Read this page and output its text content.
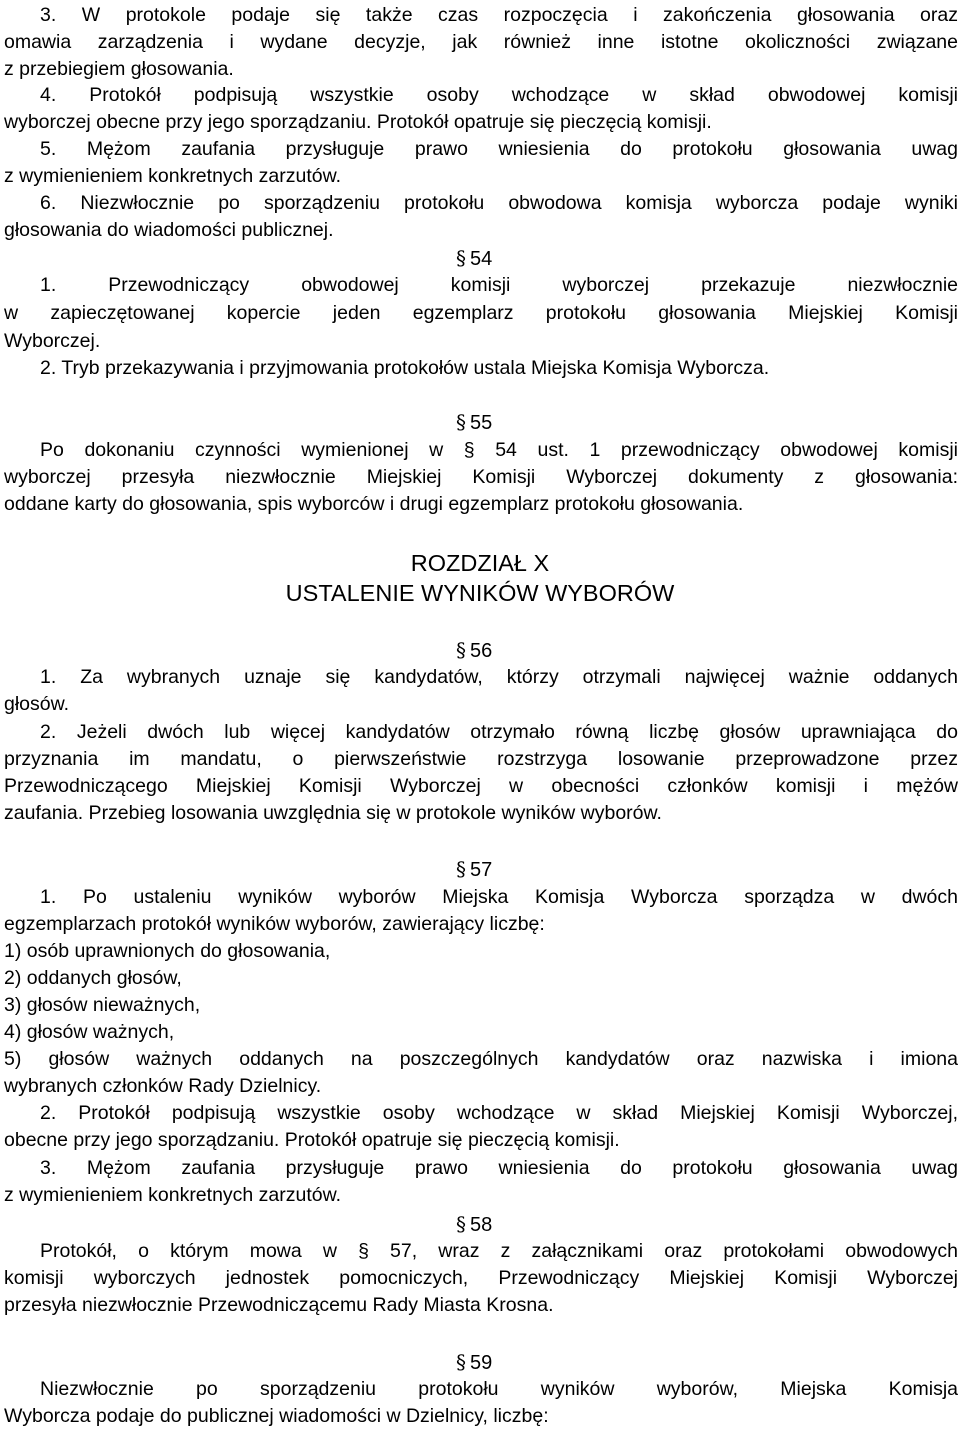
3. W protokole podaje się także czas rozpoczęcia i zakończenia głosowania oraz
omawia zarządzenia i wydane decyzje, jak również inne istotne okoliczności związane
z przebiegiem głosowania.
4. Protokół podpisują wszystkie osoby wchodzące w skład obwodowej komisji
wyborczej obecne przy jego sporządzaniu. Protokół opatruje się pieczęcią komisji.
5. Mężom zaufania przysługuje prawo wniesienia do protokołu głosowania uwag
z wymienieniem konkretnych zarzutów.
6. Niezwłocznie po sporządzeniu protokołu obwodowa komisja wyborcza podaje wyniki
głosowania do wiadomości publicznej.
§ 54
1. Przewodniczący obwodowej komisji wyborczej przekazuje niezwłocznie
w zapieczętowanej kopercie jeden egzemplarz protokołu głosowania Miejskiej Komisji
Wyborczej.
2. Tryb przekazywania i przyjmowania protokołów ustala Miejska Komisja Wyborcza.
§ 55
Po dokonaniu czynności wymienionej w § 54 ust. 1 przewodniczący obwodowej komisji
wyborczej przesyła niezwłocznie Miejskiej Komisji Wyborczej dokumenty z głosowania:
oddane karty do głosowania, spis wyborców i drugi egzemplarz protokołu głosowania.
ROZDZIAŁ X
USTALENIE WYNIKÓW WYBORÓW
§ 56
1. Za wybranych uznaje się kandydatów, którzy otrzymali najwięcej ważnie oddanych
głosów.
2. Jeżeli dwóch lub więcej kandydatów otrzymało równą liczbę głosów uprawniająca do
przyznania im mandatu, o pierwszeństwie rozstrzyga losowanie przeprowadzone przez
Przewodniczącego Miejskiej Komisji Wyborczej w obecności członków komisji i mężów
zaufania. Przebieg losowania uwzględnia się w protokole wyników wyborów.
§ 57
1. Po ustaleniu wyników wyborów Miejska Komisja Wyborcza sporządza w dwóch
egzemplarzach protokół wyników wyborów, zawierający liczbę:
1) osób uprawnionych do głosowania,
2) oddanych głosów,
3) głosów nieważnych,
4) głosów ważnych,
5) głosów ważnych oddanych na poszczególnych kandydatów oraz nazwiska i imiona
wybranych członków Rady Dzielnicy.
2. Protokół podpisują wszystkie osoby wchodzące w skład Miejskiej Komisji Wyborczej,
obecne przy jego sporządzaniu. Protokół opatruje się pieczęcią komisji.
3. Mężom zaufania przysługuje prawo wniesienia do protokołu głosowania uwag
z wymienieniem konkretnych zarzutów.
§ 58
Protokół, o którym mowa w § 57, wraz z załącznikami oraz protokołami obwodowych
komisji wyborczych jednostek pomocniczych, Przewodniczący Miejskiej Komisji Wyborczej
przesyła niezwłocznie Przewodniczącemu Rady Miasta Krosna.
§ 59
Niezwłocznie po sporządzeniu protokołu wyników wyborów, Miejska Komisja
Wyborcza podaje do publicznej wiadomości w Dzielnicy, liczbę:
